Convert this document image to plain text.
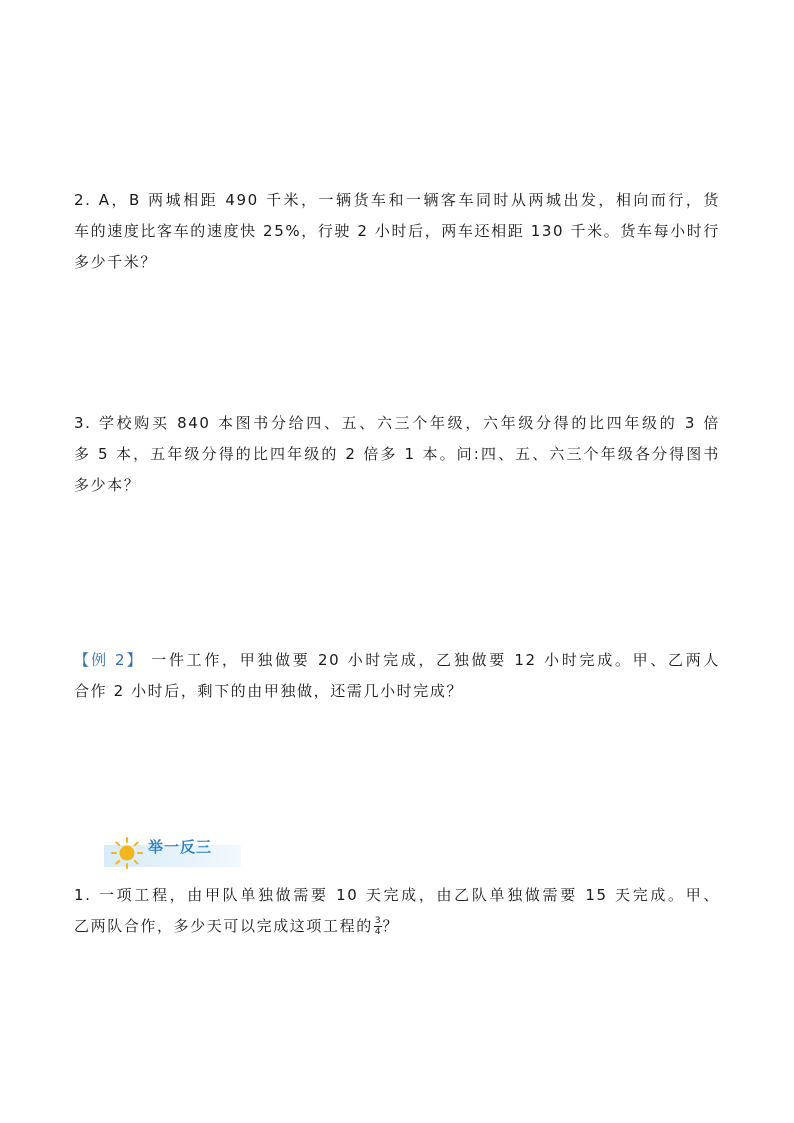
2. A，B 两城相距 490 千米，一辆货车和一辆客车同时从两城出发，相向而行，货
车的速度比客车的速度快 25%，行驶 2 小时后，两车还相距 130 千米。货车每小时行
多少千米？
3. 学校购买 840 本图书分给四、五、六三个年级，六年级分得的比四年级的 3 倍
多 5 本，五年级分得的比四年级的 2 倍多 1 本。问:四、五、六三个年级各分得图书
多少本？
【例 2】 一件工作，甲独做要 20 小时完成，乙独做要 12 小时完成。甲、乙两人
合作 2 小时后，剩下的由甲独做，还需几小时完成？
举一反三
1. 一项工程，由甲队单独做需要 10 天完成，由乙队单独做需要 15 天完成。甲、
乙两队合作，多少天可以完成这项工程的 $\frac{3}{4}$ ？
